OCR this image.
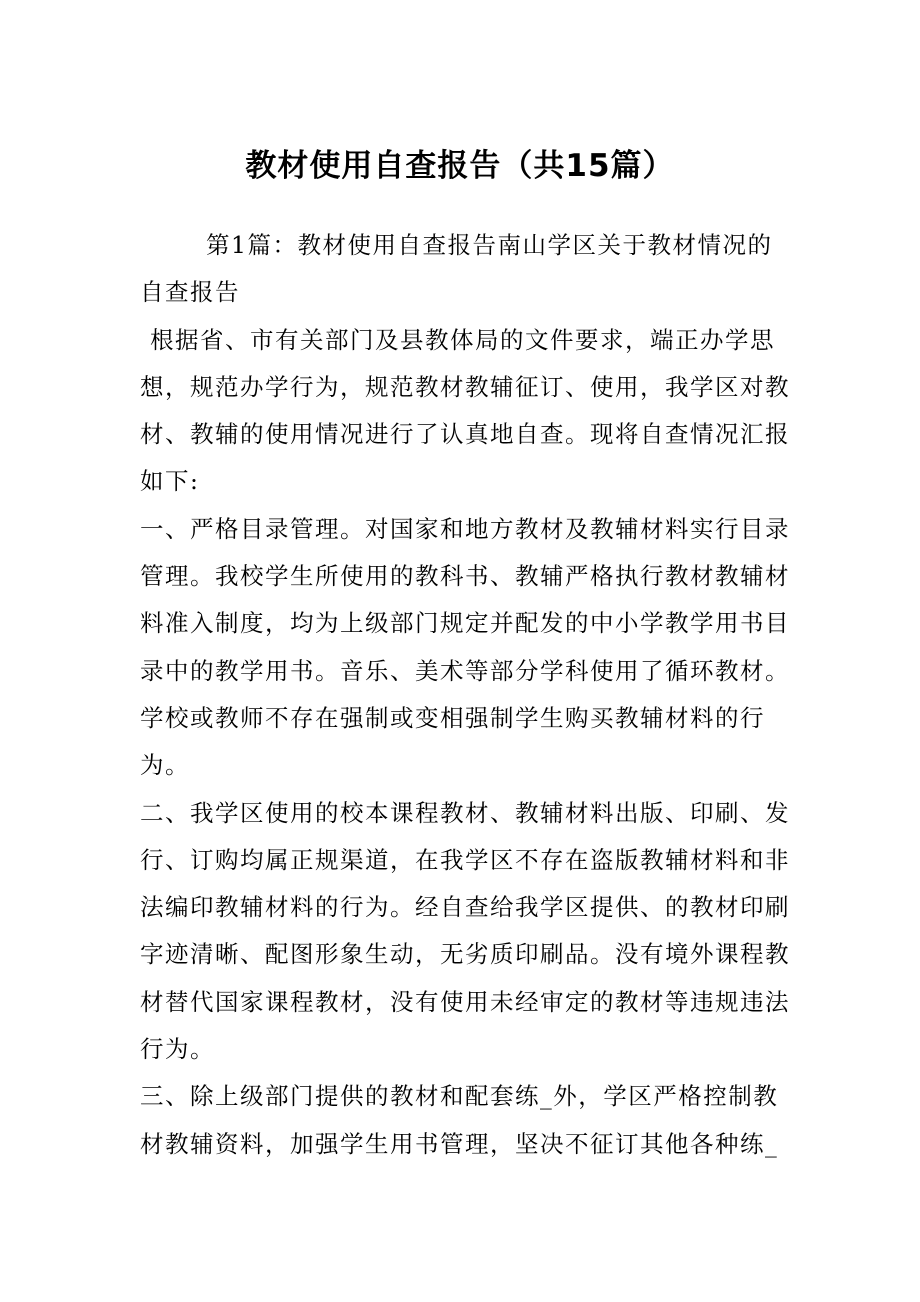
教材使用自查报告（共15篇）
第1篇：教材使用自查报告南山学区关于教材情况的
自查报告
根据省、市有关部门及县教体局的文件要求，端正办学思
想，规范办学行为，规范教材教辅征订、使用，我学区对教
材、教辅的使用情况进行了认真地自查。现将自查情况汇报
如下:
一、严格目录管理。对国家和地方教材及教辅材料实行目录
管理。我校学生所使用的教科书、教辅严格执行教材教辅材
料准入制度，均为上级部门规定并配发的中小学教学用书目
录中的教学用书。音乐、美术等部分学科使用了循环教材。
学校或教师不存在强制或变相强制学生购买教辅材料的行
为。
二、我学区使用的校本课程教材、教辅材料出版、印刷、发
行、订购均属正规渠道，在我学区不存在盗版教辅材料和非
法编印教辅材料的行为。经自查给我学区提供、的教材印刷
字迹清晰、配图形象生动，无劣质印刷品。没有境外课程教
材替代国家课程教材，没有使用未经审定的教材等违规违法
行为。
三、除上级部门提供的教材和配套练_外，学区严格控制教
材教辅资料，加强学生用书管理，坚决不征订其他各种练_
